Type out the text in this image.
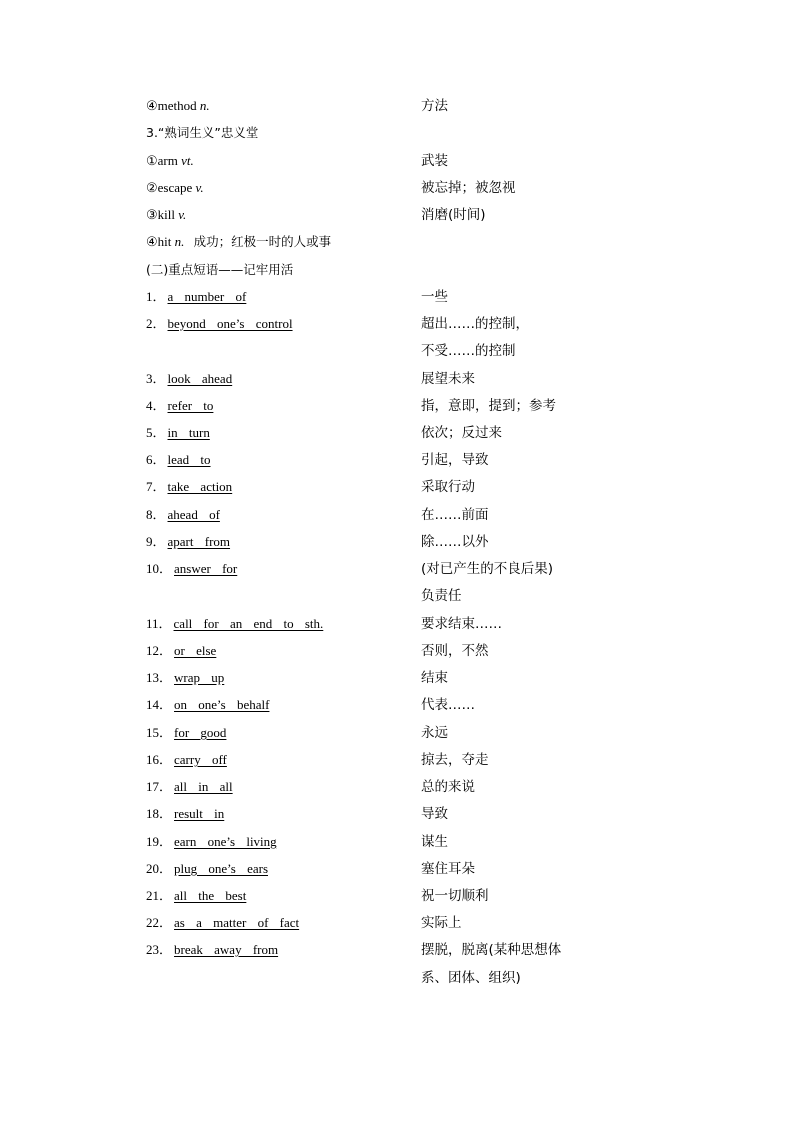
④method n.	方法
3.“熟词生义”忠义堂
①arm vt.	武装
②escape v.	被忘掉；被忽视
③kill v.	消磨(时间)
④hit n. 成功；红极一时的人或事
(二)重点短语——记牢用活
1． a number of	一些
2． beyond one’s control	超出……的控制，
不受……的控制
3． look ahead	展望未来
4． refer to	指，意即，提到；参考
5． in turn	依次；反过来
6． lead to	引起，导致
7． take action	采取行动
8． ahead of	在……前面
9． apart from	除……以外
10． answer for	(对已产生的不良后果)
负责任
11． call for an end to sth.	要求结束……
12． or else	否则，不然
13． wrap up	结束
14． on one’s behalf	代表……
15． for good	永远
16． carry off	掠去，夺走
17． all in all	总的来说
18． result in	导致
19． earn one’s living	谋生
20． plug one’s ears	塞住耳朵
21． all the best	祝一切顺利
22． as a matter of fact	实际上
23． break away from	摆脱，脱离(某种思想体
系、团体、组织)
